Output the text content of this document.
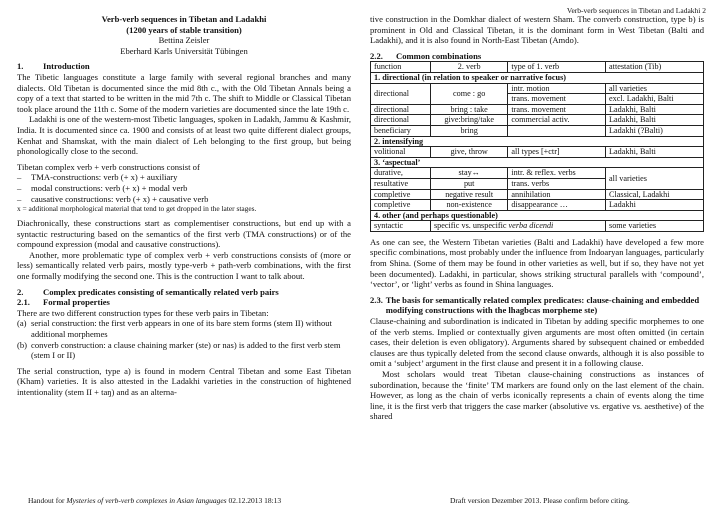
Verb-verb sequences in Tibetan and Ladakhi 2
Verb-verb sequences in Tibetan and Ladakhi
(1200 years of stable transition)
Bettina Zeisler
Eberhard Karls Universität Tübingen
1.	Introduction

The Tibetic languages constitute a large family with several regional branches and many dialects. Old Tibetan is documented since the mid 8th c., with the Old Tibetan Annals being a copy of a text that started to be written in the mid 7th c. The shift to Middle or Classical Tibetan took place around the 11th c. Some of the modern varieties are documented since the late 19th c.

Ladakhi is one of the western-most Tibetic languages, spoken in Ladakh, Jammu & Kashmir, India. It is documented since ca. 1900 and consists of at least two quite different dialect groups, Kenhat and Shamskat, with the main dialect of Leh belonging to the first group, but being phonologically close to the second.

Tibetan complex verb + verb constructions consist of
–	TMA-constructions: verb (+ x) + auxiliary
–	modal constructions: verb (+ x) + modal verb
–	causative constructions: verb (+ x) + causative verb
x = additional morphological material that tend to get dropped in the later stages.

Diachronically, these constructions start as complementiser constructions, but end up with a syntactic restructuring based on the semantics of the first verb (TMA constructions) or of the compound expression (modal and causative constructions).

Another, more problematic type of complex verb + verb constructions consists of (more or less) semantically related verb pairs, mostly type-verb + path-verb combinations, with the first one formally modifying the second one. This is the contruction I want to talk about.

2.	Complex predicates consisting of semantically related verb pairs
2.1.	Formal properties
There are two different construction types for these verb pairs in Tibetan:
(a) serial construction: the first verb appears in one of its bare stem forms (stem II) without additional morphemes
(b) converb construction: a clause chaining marker (ste) or nas) is added to the first verb stem (stem I or II)

The serial construction, type a) is found in modern Central Tibetan and some East Tibetan (Kham) varieties. It is also attested in the Ladakhi varieties in the construction of hightened intentionality (stem II + taŋ) and as an alterna-

tive construction in the Domkhar dialect of western Sham. The converb construction, type b) is prominent in Old and Classical Tibetan, it is the dominant form in West Tibetan (Balti and Ladakhi), and it is also found in North-East Tibetan (Amdo).

2.2.	Common combinations
function	2. verb	type of 1. verb	attestation (Tib)
1. directional (in relation to speaker or narrative focus)			
directional	come : go	intr. motion	all varieties
		trans. movement	excl. Ladakhi, Balti
directional	bring : take	trans. movement	Ladakhi, Balti
directional	give:bring/take	commercial activ.	Ladakhi, Balti
beneficiary	bring		Ladakhi (?Balti)
2. intensifying			
volitional	give, throw	all types [+ctr]	Ladakhi, Balti
3. ‘aspectual’			
durative,	stay↔	intr. & reflex. verbs	all varieties
resultative	put	trans. verbs	
completive	negative result	annihilation	Classical, Ladakhi
completive	non-existence	disappearance …	Ladakhi
4. other (and perhaps questionable)			
syntactic	specific vs. unspecific verba dicendi		some varieties

As one can see, the Western Tibetan varieties (Balti and Ladakhi) have developed a few more specific combinations, most probably under the influence from Indoaryan languages, particularly from Shina. (Some of them may be found in other varieties as well, but if so, they have not yet been documented). Ladakhi, in particular, shows striking structural parallels with ‘compound’, ‘vector’, or ‘light’ verbs as found in Shina languages.

2.3. The basis for semantically related complex predicates: clause-chaining and embedded modifying constructions with the lhagbcas morpheme ste)

Clause-chaining and subordination is indicated in Tibetan by adding specific morphemes to one of the verb stems. Implied or contextually given arguments are most often omitted (in certain cases, their deletion is even obligatory). Arguments shared by subsequent chained or embedded clauses are thus typically deleted from the second clause onwards, although it is also possible to omit a ‘subject’ argument in the first clause and present it in a following clause.

Most scholars would treat Tibetan clause-chaining constructions as instances of subordination, because the ‘finite’ TM markers are found only on the last element of the chain. However, as long as the chain of verbs iconically represents a chain of events along the time line, it is the first verb that triggers the case marker (absolutive vs. ergative vs. aesthetive) of the shared

Handout for Mysteries of verb-verb complexes in Asian languages 02.12.2013 18:13	Draft version Dezember 2013. Please confirm before citing.
